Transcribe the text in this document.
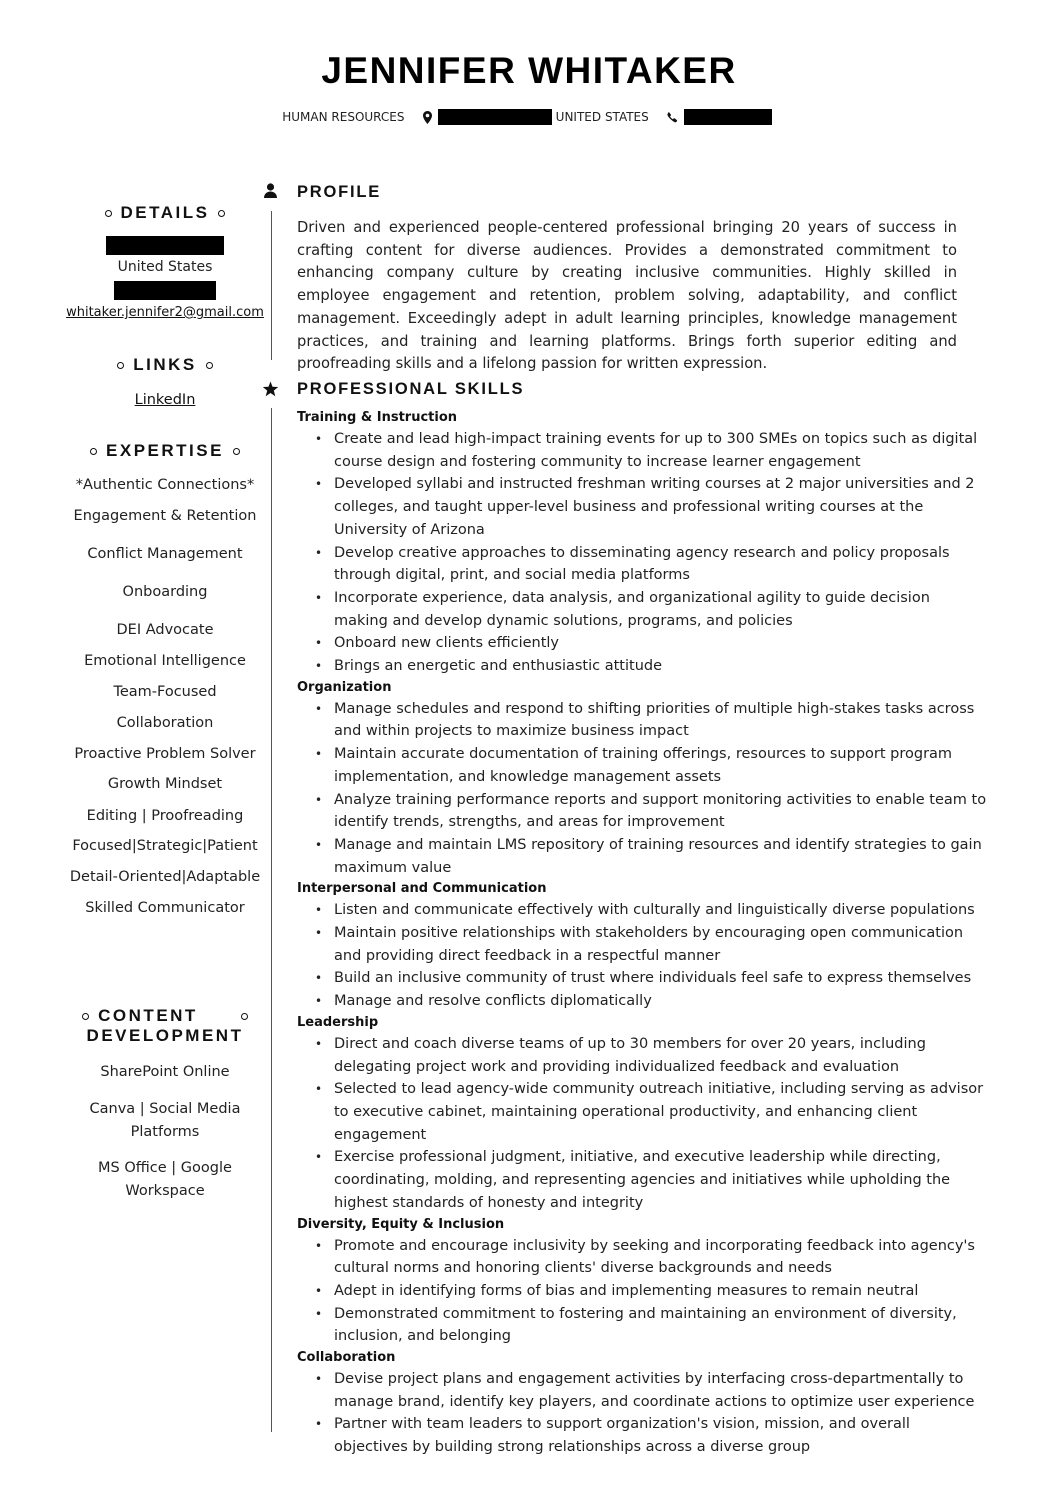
JENNIFER WHITAKER
HUMAN RESOURCES	BROOKHAVEN, MS UNITED STATES	201.320.8271
DETAILS
Brookhaven, MS
United States
201.320.8271
whitaker.jennifer2@gmail.com
LINKS
LinkedIn
EXPERTISE
*Authentic Connections*
Engagement & Retention
Conflict Management
Onboarding
DEI Advocate
Emotional Intelligence
Team-Focused
Collaboration
Proactive Problem Solver
Growth Mindset
Editing | Proofreading
Focused|Strategic|Patient
Detail-Oriented|Adaptable
Skilled Communicator
CONTENT
DEVELOPMENT
SharePoint Online
Canva | Social Media Platforms
MS Office | Google Workspace
PROFILE
Driven and experienced people-centered professional bringing 20 years of success in crafting content for diverse audiences. Provides a demonstrated commitment to enhancing company culture by creating inclusive communities. Highly skilled in employee engagement and retention, problem solving, adaptability, and conflict management. Exceedingly adept in adult learning principles, knowledge management practices, and training and learning platforms. Brings forth superior editing and proofreading skills and a lifelong passion for written expression.
PROFESSIONAL SKILLS
Training & Instruction
• Create and lead high-impact training events for up to 300 SMEs on topics such as digital course design and fostering community to increase learner engagement
• Developed syllabi and instructed freshman writing courses at 2 major universities and 2 colleges, and taught upper-level business and professional writing courses at the University of Arizona
• Develop creative approaches to disseminating agency research and policy proposals through digital, print, and social media platforms
• Incorporate experience, data analysis, and organizational agility to guide decision making and develop dynamic solutions, programs, and policies
• Onboard new clients efficiently
• Brings an energetic and enthusiastic attitude
Organization
• Manage schedules and respond to shifting priorities of multiple high-stakes tasks across and within projects to maximize business impact
• Maintain accurate documentation of training offerings, resources to support program implementation, and knowledge management assets
• Analyze training performance reports and support monitoring activities to enable team to identify trends, strengths, and areas for improvement
• Manage and maintain LMS repository of training resources and identify strategies to gain maximum value
Interpersonal and Communication
• Listen and communicate effectively with culturally and linguistically diverse populations
• Maintain positive relationships with stakeholders by encouraging open communication and providing direct feedback in a respectful manner
• Build an inclusive community of trust where individuals feel safe to express themselves
• Manage and resolve conflicts diplomatically
Leadership
• Direct and coach diverse teams of up to 30 members for over 20 years, including delegating project work and providing individualized feedback and evaluation
• Selected to lead agency-wide community outreach initiative, including serving as advisor to executive cabinet, maintaining operational productivity, and enhancing client engagement
• Exercise professional judgment, initiative, and executive leadership while directing, coordinating, molding, and representing agencies and initiatives while upholding the highest standards of honesty and integrity
Diversity, Equity & Inclusion
• Promote and encourage inclusivity by seeking and incorporating feedback into agency's cultural norms and honoring clients' diverse backgrounds and needs
• Adept in identifying forms of bias and implementing measures to remain neutral
• Demonstrated commitment to fostering and maintaining an environment of diversity, inclusion, and belonging
Collaboration
• Devise project plans and engagement activities by interfacing cross-departmentally to manage brand, identify key players, and coordinate actions to optimize user experience
• Partner with team leaders to support organization's vision, mission, and overall objectives by building strong relationships across a diverse group
